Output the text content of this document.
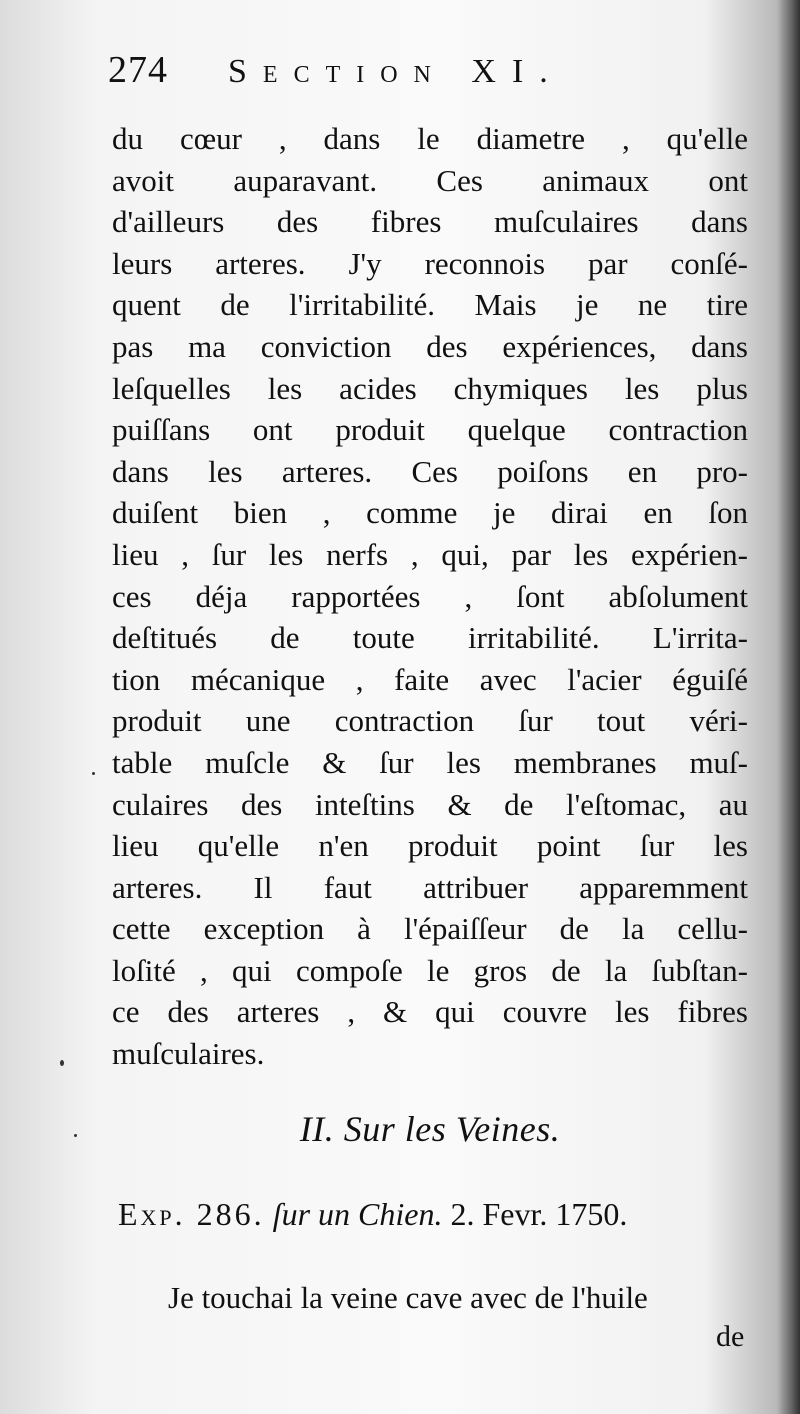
274 Section XI.
du cœur , dans le diametre , qu'elle
avoit auparavant. Ces animaux ont
d'ailleurs des fibres muſculaires dans
leurs arteres. J'y reconnois par conſé-
quent de l'irritabilité. Mais je ne tire
pas ma conviction des expériences, dans
leſquelles les acides chymiques les plus
puiſſans ont produit quelque contraction
dans les arteres. Ces poiſons en pro-
duiſent bien , comme je dirai en ſon
lieu , ſur les nerfs , qui, par les expérien-
ces déja rapportées , ſont abſolument
deſtitués de toute irritabilité. L'irrita-
tion mécanique , faite avec l'acier éguiſé
produit une contraction ſur tout véri-
table muſcle & ſur les membranes muſ-
culaires des inteſtins & de l'eſtomac, au
lieu qu'elle n'en produit point ſur les
arteres. Il faut attribuer apparemment
cette exception à l'épaiſſeur de la cellu-
loſité , qui compoſe le gros de la ſubſtan-
ce des arteres , & qui couvre les fibres
muſculaires.
II. Sur les Veines.
Exp. 286. ſur un Chien. 2. Fevr. 1750.
Je touchai la veine cave avec de l'huile
de
